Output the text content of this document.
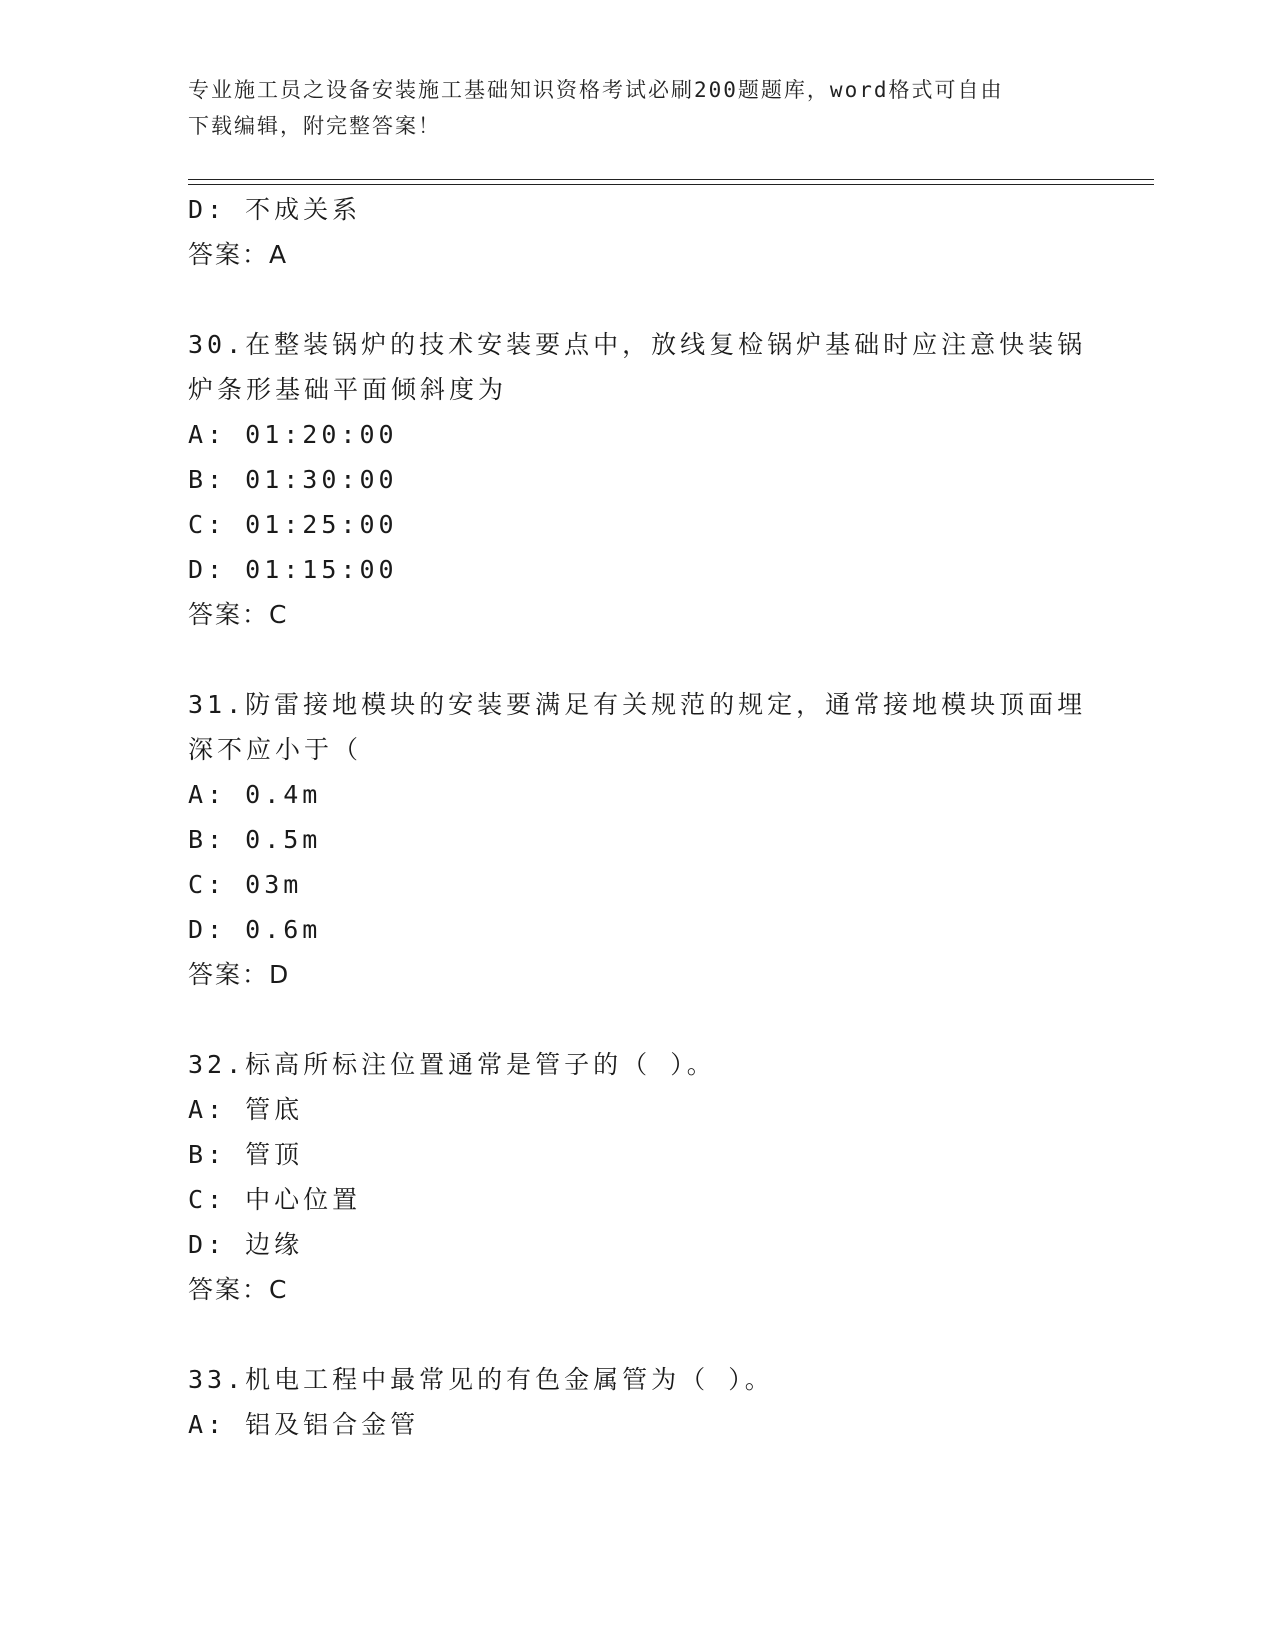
专业施工员之设备安装施工基础知识资格考试必刷200题题库，word格式可自由
下载编辑，附完整答案！
D: 不成关系
答案：A
30.在整装锅炉的技术安装要点中，放线复检锅炉基础时应注意快装锅
炉条形基础平面倾斜度为
A: 01:20:00
B: 01:30:00
C: 01:25:00
D: 01:15:00
答案：C
31.防雷接地模块的安装要满足有关规范的规定，通常接地模块顶面埋
深不应小于（
A: 0.4m
B: 0.5m
C: 03m
D: 0.6m
答案：D
32.标高所标注位置通常是管子的（ ）。
A: 管底
B: 管顶
C: 中心位置
D: 边缘
答案：C
33.机电工程中最常见的有色金属管为（ ）。
A: 铝及铝合金管
